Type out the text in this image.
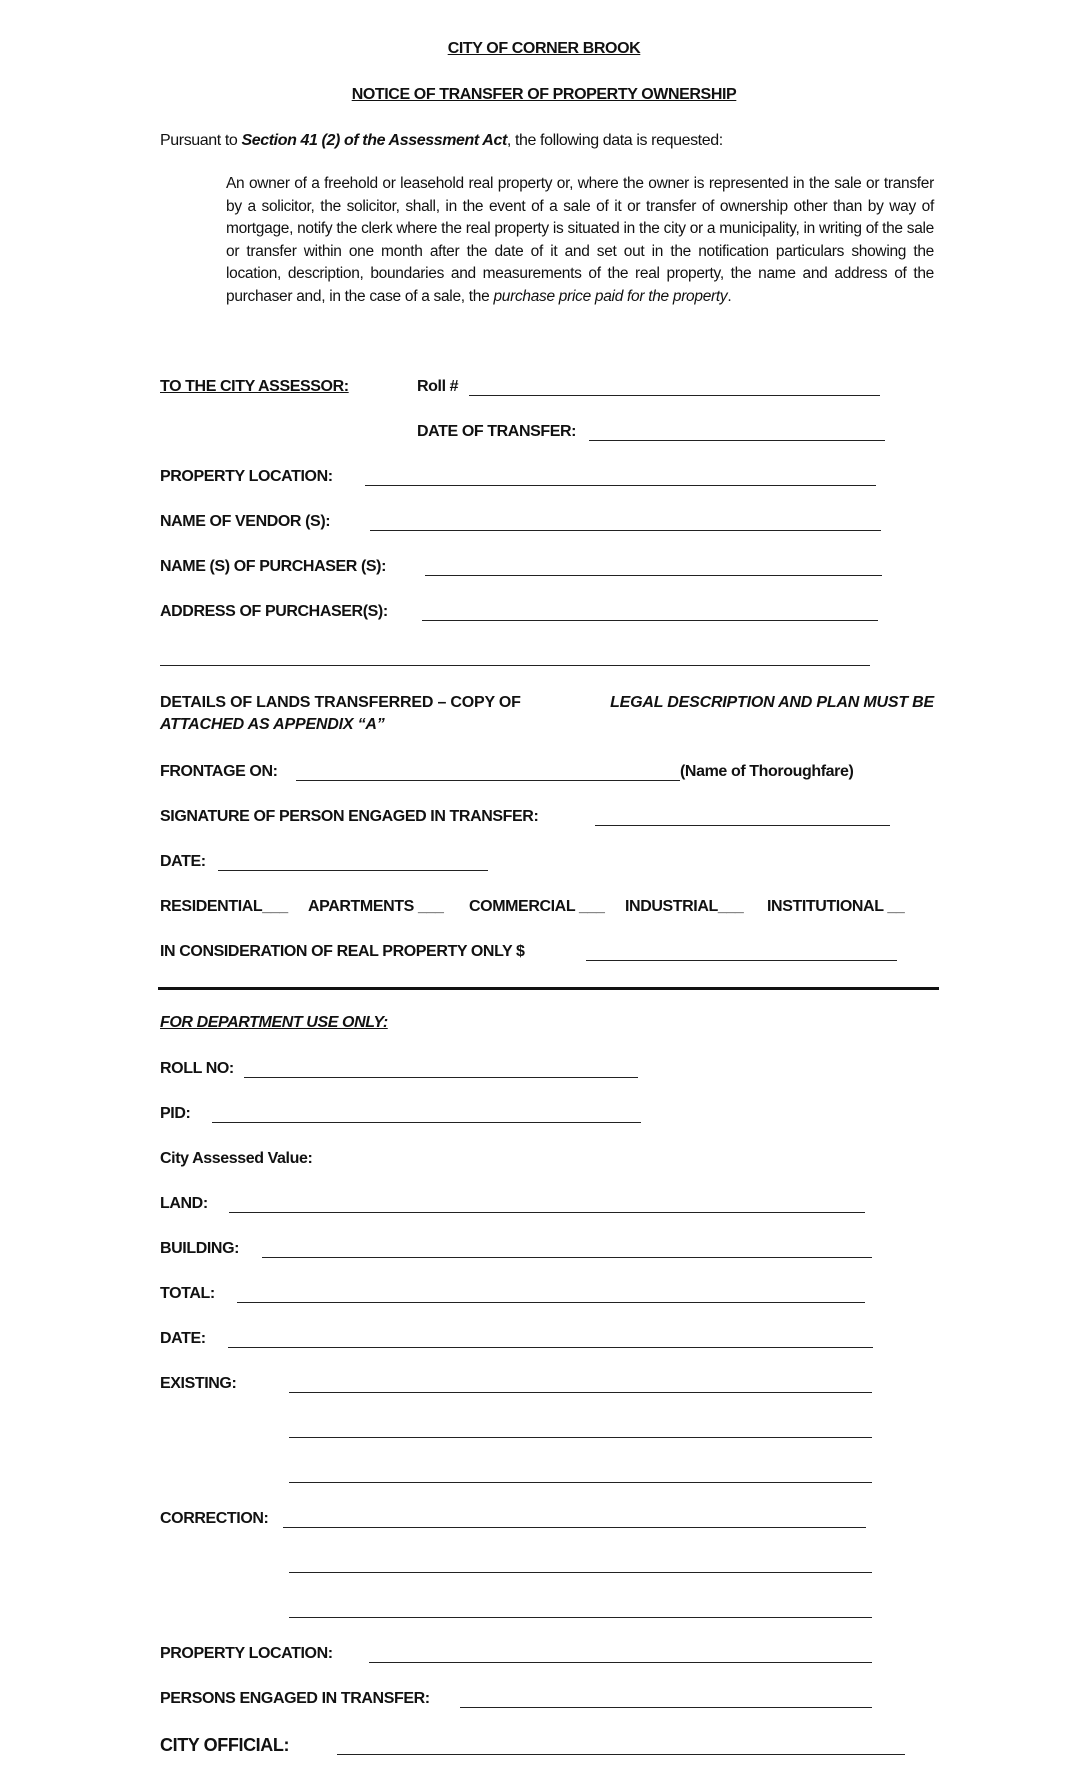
CITY OF CORNER BROOK
NOTICE OF TRANSFER OF PROPERTY OWNERSHIP
Pursuant to Section 41 (2) of the Assessment Act, the following data is requested:
An owner of a freehold or leasehold real property or, where the owner is represented in the sale or transfer by a solicitor, the solicitor, shall, in the event of a sale of it or transfer of ownership other than by way of mortgage, notify the clerk where the real property is situated in the city or a municipality, in writing of the sale or transfer within one month after the date of it and set out in the notification particulars showing the location, description, boundaries and measurements of the real property, the name and address of the purchaser and, in the case of a sale, the purchase price paid for the property.
TO THE CITY ASSESSOR:	Roll #
DATE OF TRANSFER:
PROPERTY LOCATION:
NAME OF VENDOR (S):
NAME (S) OF PURCHASER (S):
ADDRESS OF PURCHASER(S):
DETAILS OF LANDS TRANSFERRED – COPY OF	LEGAL DESCRIPTION AND PLAN MUST BE
ATTACHED AS APPENDIX “A”
FRONTAGE ON:	(Name of Thoroughfare)
SIGNATURE OF PERSON ENGAGED IN TRANSFER:
DATE:
RESIDENTIAL___ APARTMENTS ___ COMMERCIAL ___ INDUSTRIAL___ INSTITUTIONAL __
IN CONSIDERATION OF REAL PROPERTY ONLY $
FOR DEPARTMENT USE ONLY:
ROLL NO:
PID:
City Assessed Value:
LAND:
BUILDING:
TOTAL:
DATE:
EXISTING:
CORRECTION:
PROPERTY LOCATION:
PERSONS ENGAGED IN TRANSFER:
CITY OFFICIAL:
